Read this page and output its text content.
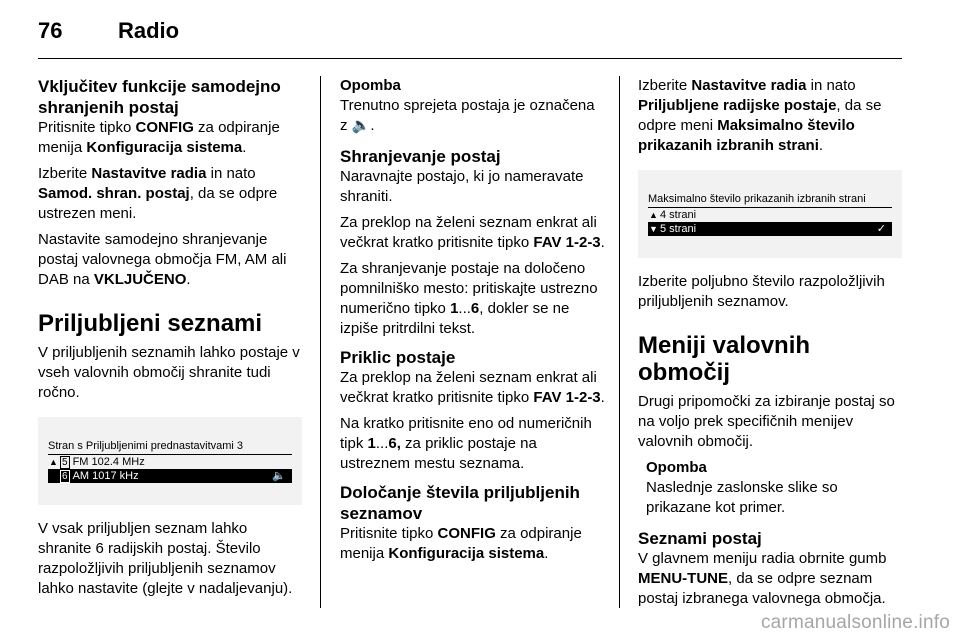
76	Radio
Vključitev funkcije samodejno shranjenih postaj

Pritisnite tipko CONFIG za odpiranje menija Konfiguracija sistema.

Izberite Nastavitve radia in nato Samod. shran. postaj, da se odpre ustrezen meni.

Nastavite samodejno shranjevanje postaj valovnega območja FM, AM ali DAB na VKLJUČENO.

Priljubljeni seznami

V priljubljenih seznamih lahko postaje v vseh valovnih območij shranite tudi ročno.

Stran s Priljubljenimi prednastavitvami 3
▲ 5 FM 102.4 MHz
6 AM 1017 kHz	🔈

V vsak priljubljen seznam lahko shranite 6 radijskih postaj. Število razpoložljivih priljubljenih seznamov lahko nastavite (glejte v nadaljevanju).

Opomba
Trenutno sprejeta postaja je označena z 🔈.
Shranjevanje postaj

Naravnajte postajo, ki jo nameravate shraniti.

Za preklop na želeni seznam enkrat ali večkrat kratko pritisnite tipko FAV 1-2-3.

Za shranjevanje postaje na določeno pomnilniško mesto: pritiskajte ustrezno numerično tipko 1...6, dokler se ne izpiše pritrdilni tekst.

Priklic postaje

Za preklop na želeni seznam enkrat ali večkrat kratko pritisnite tipko FAV 1-2-3.

Na kratko pritisnite eno od numeričnih tipk 1...6, za priklic postaje na ustreznem mestu seznama.

Določanje števila priljubljenih seznamov

Pritisnite tipko CONFIG za odpiranje menija Konfiguracija sistema.

Izberite Nastavitve radia in nato Priljubljene radijske postaje, da se odpre meni Maksimalno število prikazanih izbranih strani.

Maksimalno število prikazanih izbranih strani
▲ 4 strani
▼ 5 strani	✓

Izberite poljubno število razpoložljivih priljubljenih seznamov.

Meniji valovnih območij

Drugi pripomočki za izbiranje postaj so na voljo prek specifičnih menijev valovnih območij.

Opomba
Naslednje zaslonske slike so prikazane kot primer.
Seznami postaj

V glavnem meniju radia obrnite gumb MENU-TUNE, da se odpre seznam postaj izbranega valovnega območja.

carmanualsonline.info
